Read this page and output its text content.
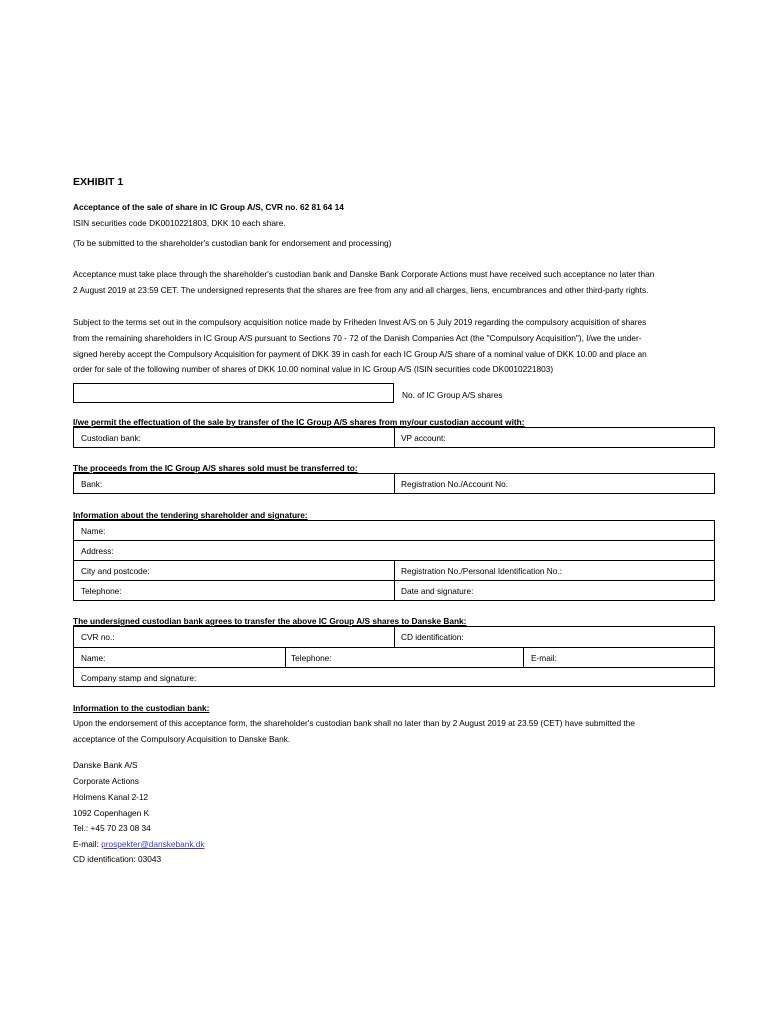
EXHIBIT 1
Acceptance of the sale of share in IC Group A/S, CVR no. 62 81 64 14
ISIN securities code DK0010221803, DKK 10 each share.
(To be submitted to the shareholder's custodian bank for endorsement and processing)
Acceptance must take place through the shareholder's custodian bank and Danske Bank Corporate Actions must have received such acceptance no later than
2 August 2019 at 23:59 CET. The undersigned represents that the shares are free from any and all charges, liens, encumbrances and other third-party rights.
Subject to the terms set out in the compulsory acquisition notice made by Friheden Invest A/S on 5 July 2019 regarding the compulsory acquisition of shares
from the remaining shareholders in IC Group A/S pursuant to Sections 70 - 72 of the Danish Companies Act (the "Compulsory Acquisition"), I/we the under-
signed hereby accept the Compulsory Acquisition for payment of DKK 39 in cash for each IC Group A/S share of a nominal value of DKK 10.00 and place an
order for sale of the following number of shares of DKK 10.00 nominal value in IC Group A/S (ISIN securities code DK0010221803)
No. of IC Group A/S shares
I/we permit the effectuation of the sale by transfer of the IC Group A/S shares from my/our custodian account with:
Custodian bank:	VP account:
The proceeds from the IC Group A/S shares sold must be transferred to:
Bank:	Registration No./Account No.
Information about the tendering shareholder and signature:
Name:
Address:
City and postcode:	Registration No./Personal Identification No.:
Telephone:	Date and signature:
The undersigned custodian bank agrees to transfer the above IC Group A/S shares to Danske Bank:
CVR no.:	CD identification:
Name:	Telephone:	E-mail:
Company stamp and signature:
Information to the custodian bank:
Upon the endorsement of this acceptance form, the shareholder's custodian bank shall no later than by 2 August 2019 at 23.59 (CET) have submitted the
acceptance of the Compulsory Acquisition to Danske Bank.
Danske Bank A/S
Corporate Actions
Holmens Kanal 2-12
1092 Copenhagen K
Tel.: +45 70 23 08 34
E-mail: prospekter@danskebank.dk
CD identification: 03043
